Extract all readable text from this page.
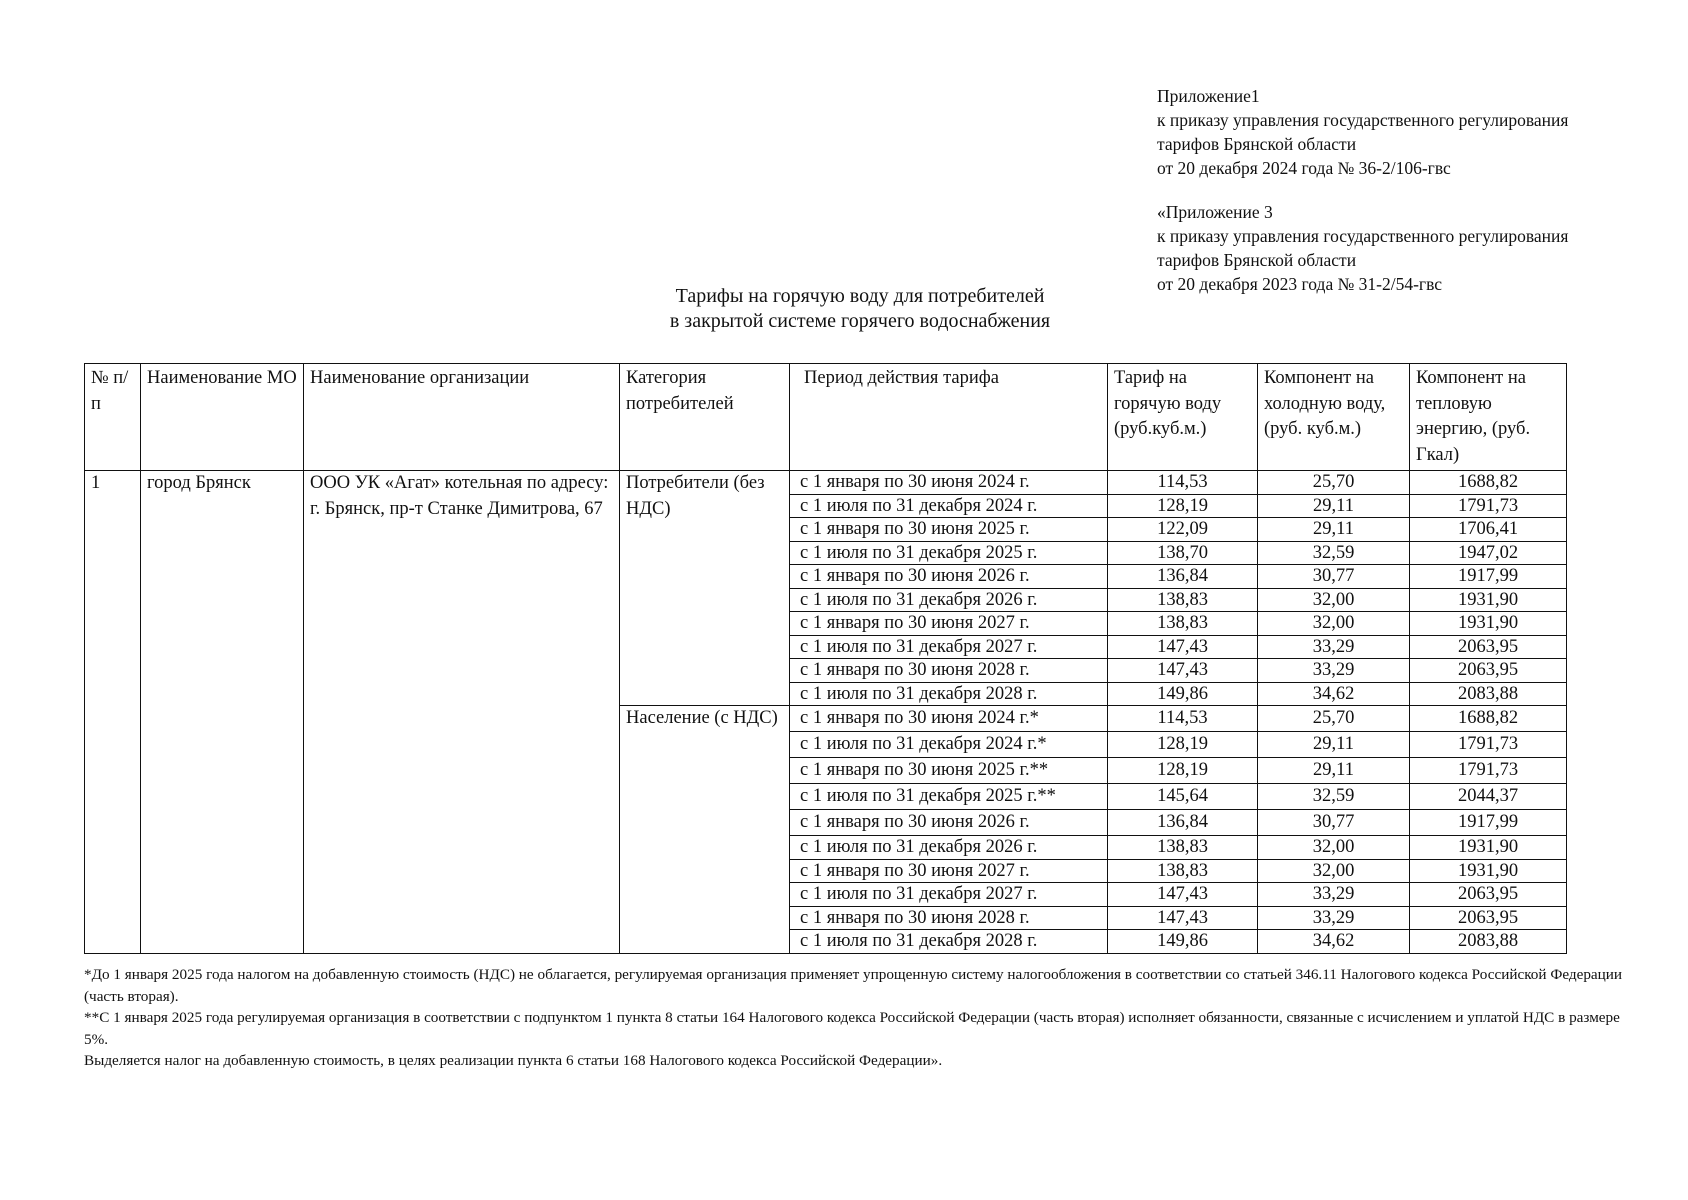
Приложение1
к приказу управления государственного регулирования
тарифов Брянской области
от 20 декабря 2024 года № 36-2/106-гвс
«Приложение 3
к приказу управления государственного регулирования
тарифов Брянской области
от 20 декабря 2023 года № 31-2/54-гвс
Тарифы на горячую воду для потребителей
в закрытой системе горячего водоснабжения
№ п/п	Наименование МО	Наименование организации	Категория потребителей	Период действия тарифа	Тариф на горячую воду (руб.куб.м.)	Компонент на холодную воду, (руб. куб.м.)	Компонент на тепловую энергию, (руб. Гкал)
1	город Брянск	ООО УК «Агат» котельная по адресу: г. Брянск, пр-т Станке Димитрова, 67	Потребители (без НДС)	с 1 января по 30 июня 2024 г.	114,53	25,70	1688,82
				с 1 июля по 31 декабря 2024 г.	128,19	29,11	1791,73
				с 1 января по 30 июня 2025 г.	122,09	29,11	1706,41
				с 1 июля по 31 декабря 2025 г.	138,70	32,59	1947,02
				с 1 января по 30 июня 2026 г.	136,84	30,77	1917,99
				с 1 июля по 31 декабря 2026 г.	138,83	32,00	1931,90
				с 1 января по 30 июня 2027 г.	138,83	32,00	1931,90
				с 1 июля по 31 декабря 2027 г.	147,43	33,29	2063,95
				с 1 января по 30 июня 2028 г.	147,43	33,29	2063,95
				с 1 июля по 31 декабря 2028 г.	149,86	34,62	2083,88
			Население (с НДС)	с 1 января по 30 июня 2024 г.*	114,53	25,70	1688,82
				с 1 июля по 31 декабря 2024 г.*	128,19	29,11	1791,73
				с 1 января по 30 июня 2025 г.**	128,19	29,11	1791,73
				с 1 июля по 31 декабря 2025 г.**	145,64	32,59	2044,37
				с 1 января по 30 июня 2026 г.	136,84	30,77	1917,99
				с 1 июля по 31 декабря 2026 г.	138,83	32,00	1931,90
				с 1 января по 30 июня 2027 г.	138,83	32,00	1931,90
				с 1 июля по 31 декабря 2027 г.	147,43	33,29	2063,95
				с 1 января по 30 июня 2028 г.	147,43	33,29	2063,95
				с 1 июля по 31 декабря 2028 г.	149,86	34,62	2083,88
*До 1 января 2025 года налогом на добавленную стоимость (НДС) не облагается, регулируемая организация применяет упрощенную систему налогообложения в соответствии со статьей 346.11 Налогового кодекса Российской Федерации (часть вторая).
**С 1 января 2025 года регулируемая организация в соответствии с подпунктом 1 пункта 8 статьи 164 Налогового кодекса Российской Федерации (часть вторая) исполняет обязанности, связанные с исчислением и уплатой НДС в размере 5%.
Выделяется налог на добавленную стоимость, в целях реализации пункта 6 статьи 168 Налогового кодекса Российской Федерации».
